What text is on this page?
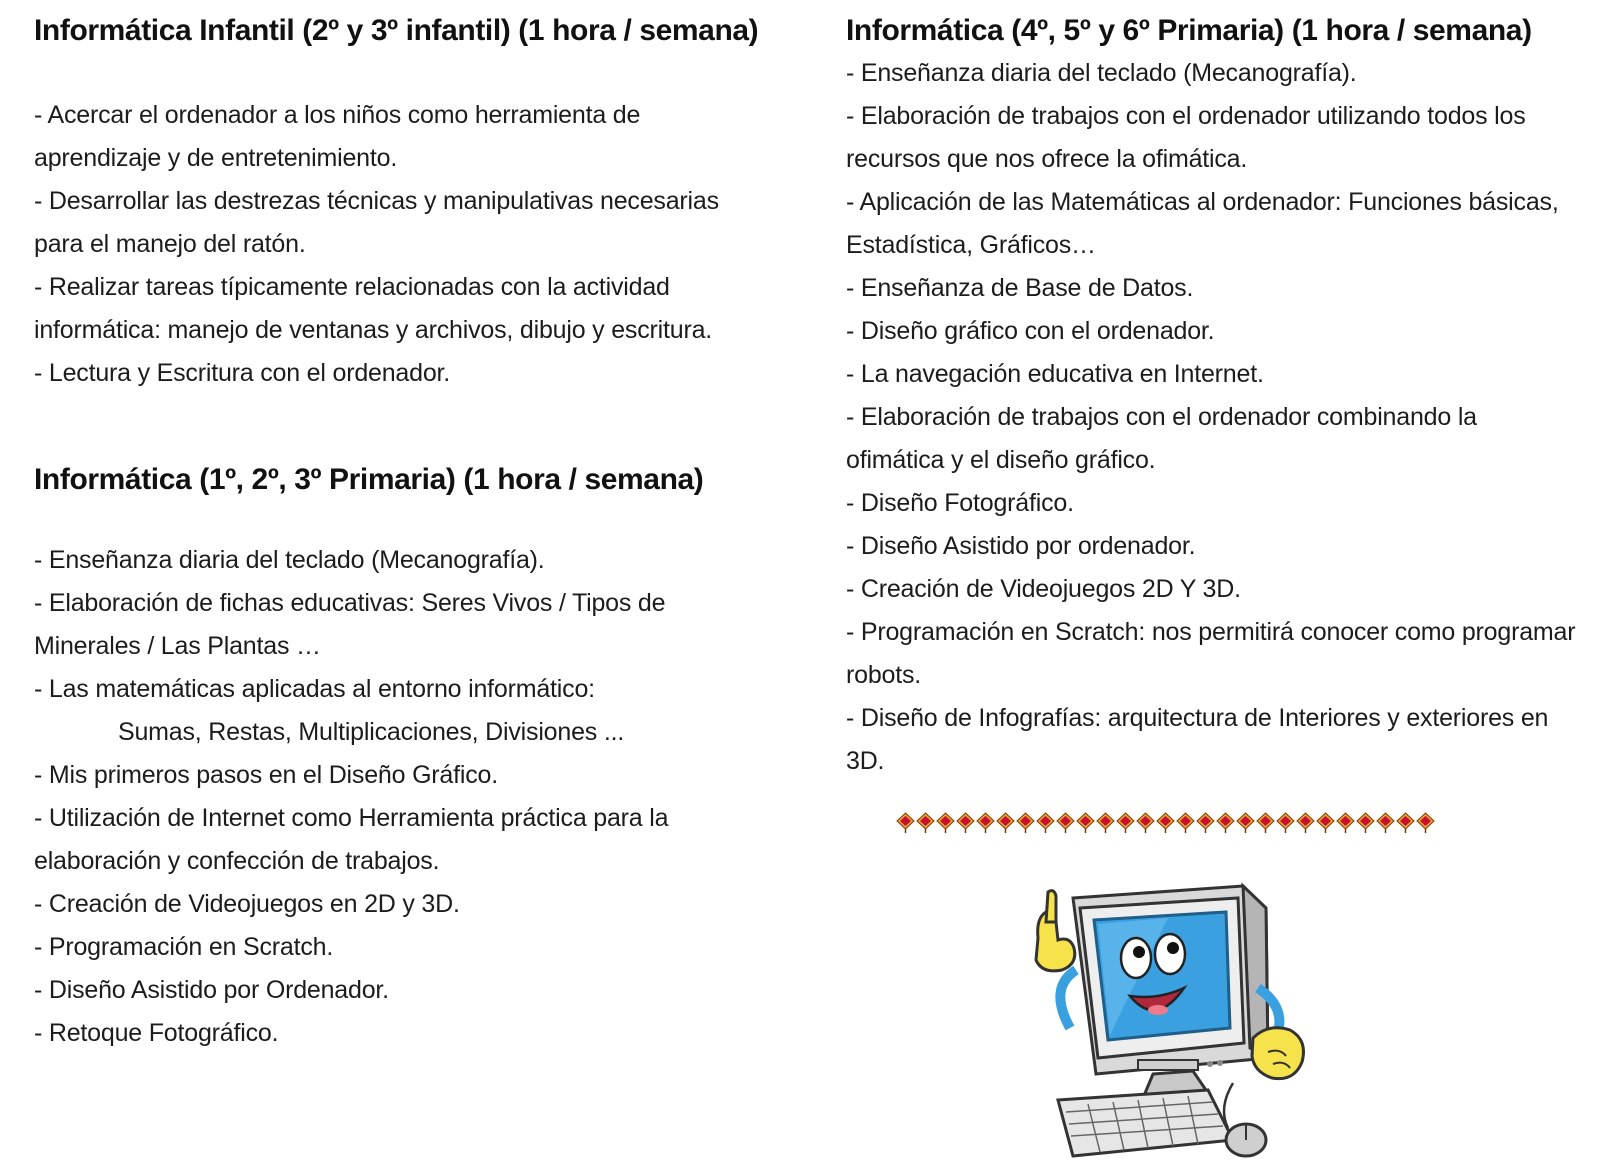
Informática Infantil (2º y 3º infantil) (1 hora / semana)

- Acercar el ordenador a los niños como herramienta de aprendizaje y de entretenimiento.

- Desarrollar las destrezas técnicas y manipulativas necesarias para el manejo del ratón.

- Realizar tareas típicamente relacionadas con la actividad informática: manejo de ventanas y archivos, dibujo y escritura.

- Lectura y Escritura con el ordenador.

Informática (1º, 2º, 3º Primaria) (1 hora / semana)

- Enseñanza diaria del teclado (Mecanografía).

- Elaboración de fichas educativas: Seres Vivos / Tipos de Minerales / Las Plantas …

- Las matemáticas aplicadas al entorno informático:

Sumas, Restas, Multiplicaciones, Divisiones ...

- Mis primeros pasos en el Diseño Gráfico.

- Utilización de Internet como Herramienta práctica para la elaboración y confección de trabajos.

- Creación de Videojuegos en 2D y 3D.

- Programación en Scratch.

- Diseño Asistido por Ordenador.

- Retoque Fotográfico.

Informática (4º, 5º y 6º Primaria) (1 hora / semana)

- Enseñanza diaria del teclado (Mecanografía).

- Elaboración de trabajos con el ordenador utilizando todos los recursos que nos ofrece la ofimática.

- Aplicación de las Matemáticas al ordenador: Funciones básicas, Estadística, Gráficos…

- Enseñanza de Base de Datos.

- Diseño gráfico con el ordenador.

- La navegación educativa en Internet.

- Elaboración de trabajos con el ordenador combinando la ofimática y el diseño gráfico.

- Diseño Fotográfico.

- Diseño Asistido por ordenador.

- Creación de Videojuegos 2D Y 3D.

- Programación en Scratch: nos permitirá conocer como programar robots.

- Diseño de Infografías: arquitectura de Interiores y exteriores en 3D.
